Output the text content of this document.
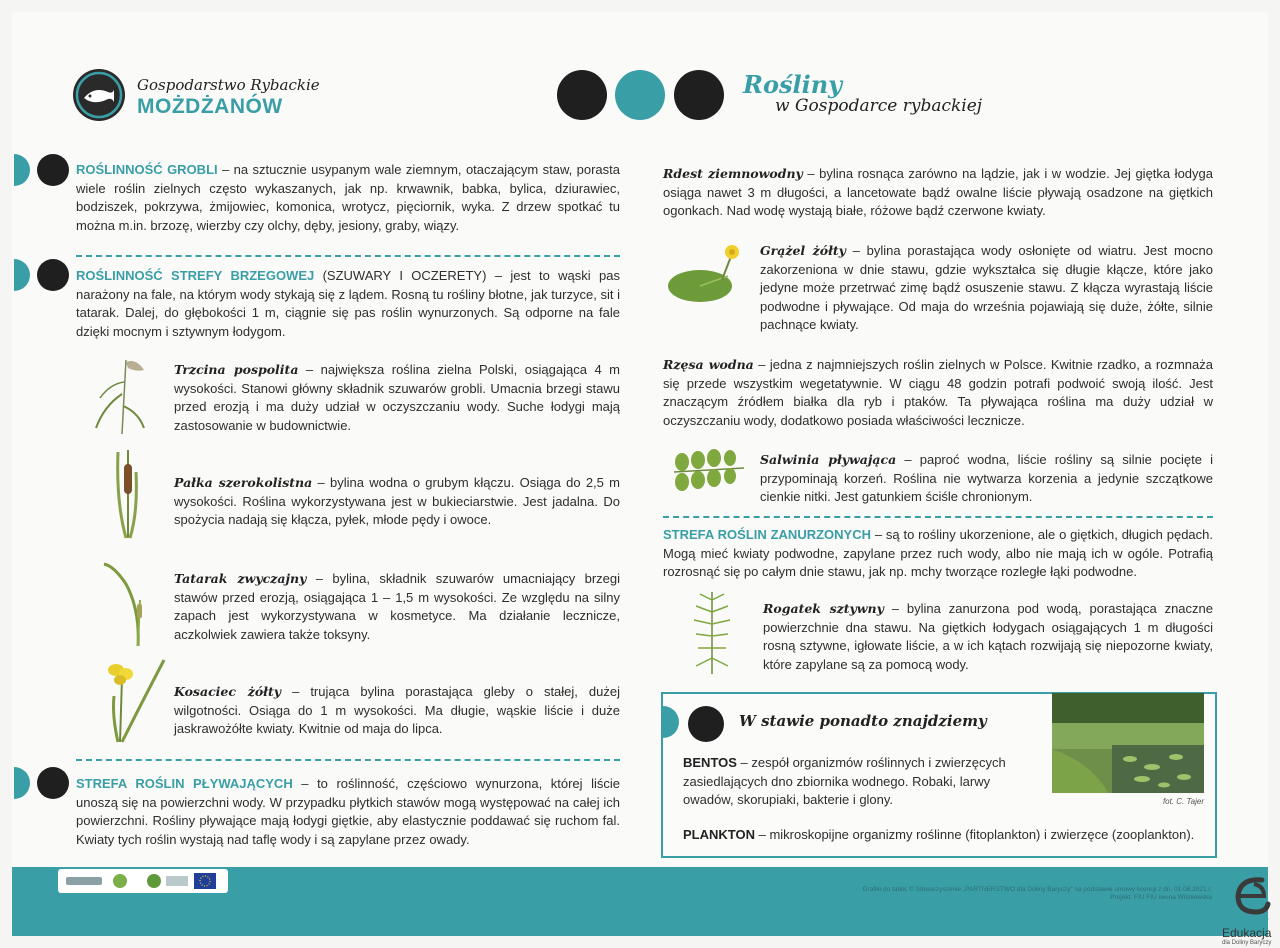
Gospodarstwo Rybackie
MOŻDŻANÓW
Rośliny
w Gospodarce rybackiej
ROŚLINNOŚĆ GROBLI – na sztucznie usypanym wale ziemnym, otaczającym staw, porasta wiele roślin zielnych często wykaszanych, jak np. krwawnik, babka, bylica, dziurawiec, bodziszek, pokrzywa, żmijowiec, komonica, wrotycz, pięciornik, wyka. Z drzew spotkać tu można m.in. brzozę, wierzby czy olchy, dęby, jesiony, graby, wiązy.
ROŚLINNOŚĆ STREFY BRZEGOWEJ (SZUWARY I OCZERETY) – jest to wąski pas narażony na fale, na którym wody stykają się z lądem. Rosną tu rośliny błotne, jak turzyce, sit i tatarak. Dalej, do głębokości 1 m, ciągnie się pas roślin wynurzonych. Są odporne na fale dzięki mocnym i sztywnym łodygom.
Trzcina pospolita – największa roślina zielna Polski, osiągająca 4 m wysokości. Stanowi główny składnik szuwarów grobli. Umacnia brzegi stawu przed erozją i ma duży udział w oczyszczaniu wody. Suche łodygi mają zastosowanie w budownictwie.
Pałka szerokolistna – bylina wodna o grubym kłączu. Osiąga do 2,5 m wysokości. Roślina wykorzystywana jest w bukieciarstwie. Jest jadalna. Do spożycia nadają się kłącza, pyłek, młode pędy i owoce.
Tatarak zwyczajny – bylina, składnik szuwarów umacniający brzegi stawów przed erozją, osiągająca 1 – 1,5 m wysokości. Ze względu na silny zapach jest wykorzystywana w kosmetyce. Ma działanie lecznicze, aczkolwiek zawiera także toksyny.
Kosaciec żółty – trująca bylina porastająca gleby o stałej, dużej wilgotności. Osiąga do 1 m wysokości. Ma długie, wąskie liście i duże jaskrawożółte kwiaty. Kwitnie od maja do lipca.
STREFA ROŚLIN PŁYWAJĄCYCH – to roślinność, częściowo wynurzona, której liście unoszą się na powierzchni wody. W przypadku płytkich stawów mogą występować na całej ich powierzchni. Rośliny pływające mają łodygi giętkie, aby elastycznie poddawać się ruchom fal. Kwiaty tych roślin wystają nad taflę wody i są zapylane przez owady.
Rdest ziemnowodny – bylina rosnąca zarówno na lądzie, jak i w wodzie. Jej giętka łodyga osiąga nawet 3 m długości, a lancetowate bądź owalne liście pływają osadzone na giętkich ogonkach. Nad wodę wystają białe, różowe bądź czerwone kwiaty.
Grążel żółty – bylina porastająca wody osłonięte od wiatru. Jest mocno zakorzeniona w dnie stawu, gdzie wykształca się długie kłącze, które jako jedyne może przetrwać zimę bądź osuszenie stawu. Z kłącza wyrastają liście podwodne i pływające. Od maja do września pojawiają się duże, żółte, silnie pachnące kwiaty.
Rzęsa wodna – jedna z najmniejszych roślin zielnych w Polsce. Kwitnie rzadko, a rozmnaża się przede wszystkim wegetatywnie. W ciągu 48 godzin potrafi podwoić swoją ilość. Jest znaczącym źródłem białka dla ryb i ptaków. Ta pływająca roślina ma duży udział w oczyszczaniu wody, dodatkowo posiada właściwości lecznicze.
Salwinia pływająca – paproć wodna, liście rośliny są silnie pocięte i przypominają korzeń. Roślina nie wytwarza korzenia a jedynie szczątkowe cienkie nitki. Jest gatunkiem ściśle chronionym.
STREFA ROŚLIN ZANURZONYCH – są to rośliny ukorzenione, ale o giętkich, długich pędach. Mogą mieć kwiaty podwodne, zapylane przez ruch wody, albo nie mają ich w ogóle. Potrafią rozrosnąć się po całym dnie stawu, jak np. mchy tworzące rozległe łąki podwodne.
Rogatek sztywny – bylina zanurzona pod wodą, porastająca znaczne powierzchnie dna stawu. Na giętkich łodygach osiągających 1 m długości rosną sztywne, igłowate liście, a w ich kątach rozwijają się niepozorne kwiaty, które zapylane są za pomocą wody.
W stawie ponadto znajdziemy
fot. C. Tajer
BENTOS – zespół organizmów roślinnych i zwierzęcych zasiedlających dno zbiornika wodnego. Robaki, larwy owadów, skorupiaki, bakterie i glony.
PLANKTON – mikroskopijne organizmy roślinne (fitoplankton) i zwierzęce (zooplankton).
Grafiki do tablic © Stowarzyszenie „PARTNERSTWO dla Doliny Baryczy” na podstawie umowy licencji z dn. 01.08.2021 r.
Projekt: FIU FIU Iwona Wiśniewska
Edukacja
dla Doliny Baryczy
